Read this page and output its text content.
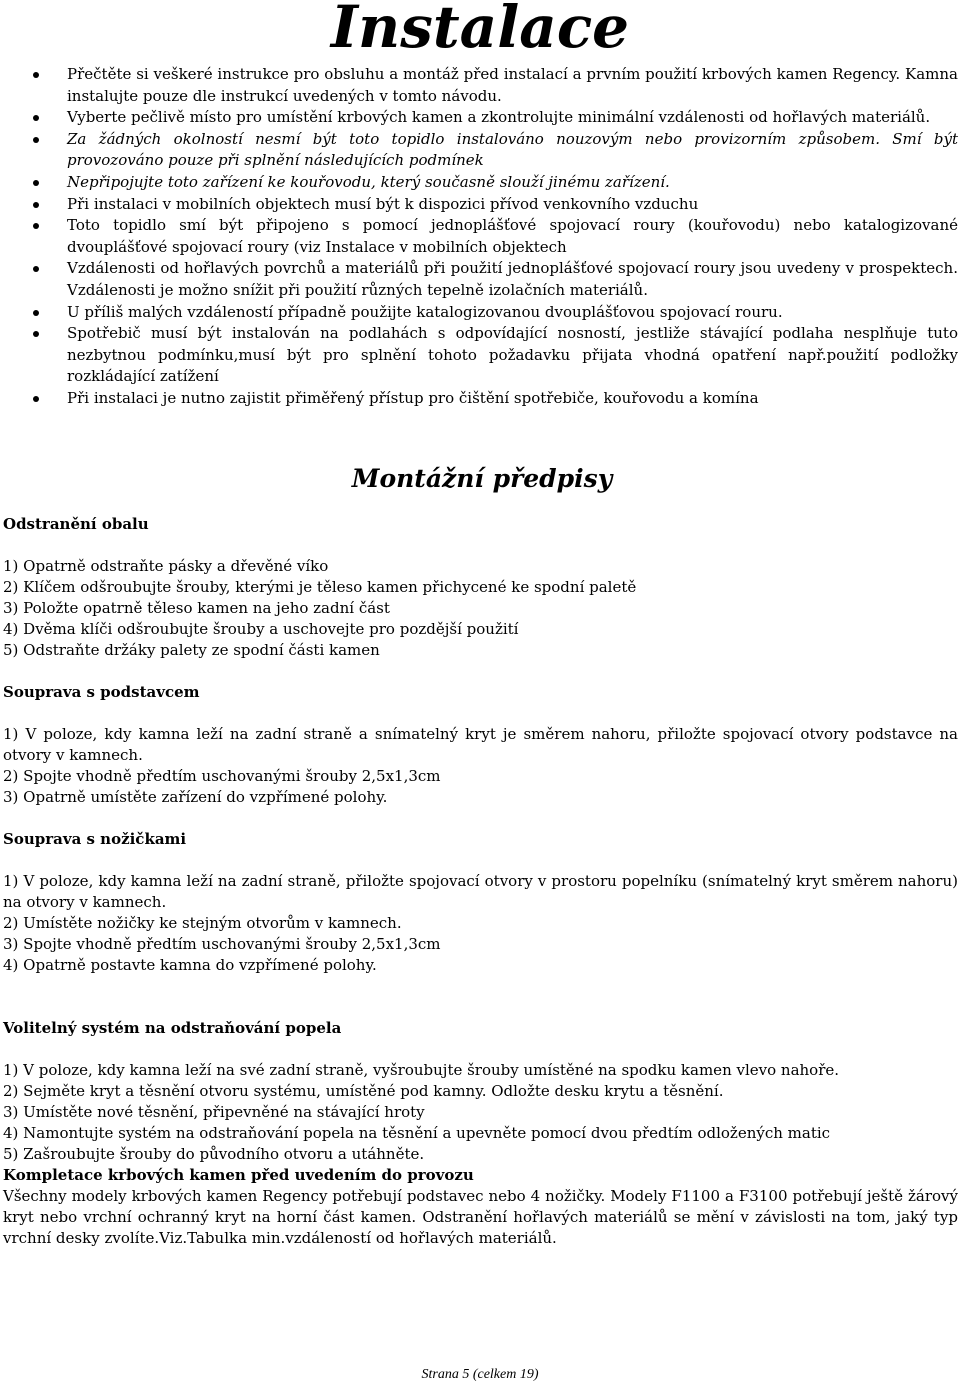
Instalace
Přečtěte si veškeré instrukce pro obsluhu a montáž před instalací a prvním použití krbových kamen Regency. Kamna instalujte pouze dle instrukcí uvedených v tomto návodu.
Vyberte pečlivě místo pro umístění krbových kamen a zkontrolujte minimální vzdálenosti od hořlavých materiálů.
Za žádných okolností nesmí být toto topidlo instalováno nouzovým nebo provizorním způsobem. Smí být provozováno pouze při splnění následujících podmínek
Nepřipojujte toto zařízení ke kouřovodu, který současně slouží jinému zařízení.
Při instalaci v mobilních objektech musí být k dispozici přívod venkovního vzduchu
Toto topidlo smí být připojeno s pomocí jednoplášťové spojovací roury (kouřovodu) nebo katalogizované dvouplášťové spojovací roury (viz Instalace v mobilních objektech
Vzdálenosti od hořlavých povrchů a materiálů při použití jednoplášťové spojovací roury jsou uvedeny v prospektech. Vzdálenosti je možno snížit při použití různých tepelně izolačních materiálů.
U příliš malých vzdáleností případně použijte katalogizovanou dvouplášťovou spojovací rouru.
Spotřebič musí být instalován na podlahách s odpovídající nosností, jestliže stávající podlaha nesplňuje tuto nezbytnou podmínku,musí být pro splnění tohoto požadavku přijata vhodná opatření např.použití podložky rozkládající zatížení
Při instalaci je nutno zajistit přiměřený přístup pro čištění spotřebiče, kouřovodu a komína
Montážní předpisy
Odstranění obalu

1) Opatrně odstraňte pásky a dřevěné víko

2) Klíčem odšroubujte šrouby, kterými je těleso kamen přichycené ke spodní paletě

3) Položte opatrně těleso kamen na jeho zadní část

4) Dvěma klíči odšroubujte šrouby a uschovejte pro pozdější použití

5) Odstraňte držáky palety ze spodní části kamen

Souprava s podstavcem

1) V poloze, kdy kamna leží na zadní straně a snímatelný kryt je směrem nahoru, přiložte spojovací otvory podstavce na otvory v kamnech.

2) Spojte vhodně předtím uschovanými šrouby 2,5x1,3cm

3) Opatrně umístěte zařízení do vzpřímené polohy.

Souprava s nožičkami

1) V poloze, kdy kamna leží na zadní straně, přiložte spojovací otvory v prostoru popelníku (snímatelný kryt směrem nahoru) na otvory v kamnech.

2) Umístěte nožičky ke stejným otvorům v kamnech.

3) Spojte vhodně předtím uschovanými šrouby 2,5x1,3cm

4) Opatrně postavte kamna do vzpřímené polohy.

Volitelný systém na odstraňování popela

1) V poloze, kdy kamna leží na své zadní straně, vyšroubujte šrouby umístěné na spodku kamen vlevo nahoře.

2) Sejměte kryt a těsnění otvoru systému, umístěné pod kamny. Odložte desku krytu a těsnění.

3) Umístěte nové těsnění, připevněné na stávající hroty

4) Namontujte systém na odstraňování popela na těsnění a upevněte pomocí dvou předtím odložených matic

5) Zašroubujte šrouby do původního otvoru a utáhněte.

Kompletace krbových kamen před uvedením do provozu

Všechny modely krbových kamen Regency potřebují podstavec nebo 4 nožičky. Modely F1100 a F3100 potřebují ještě žárový kryt nebo vrchní ochranný kryt na horní část kamen. Odstranění hořlavých materiálů se mění v závislosti na tom, jaký typ vrchní desky zvolíte.Viz.Tabulka min.vzdáleností od hořlavých materiálů.

Strana 5 (celkem 19)
